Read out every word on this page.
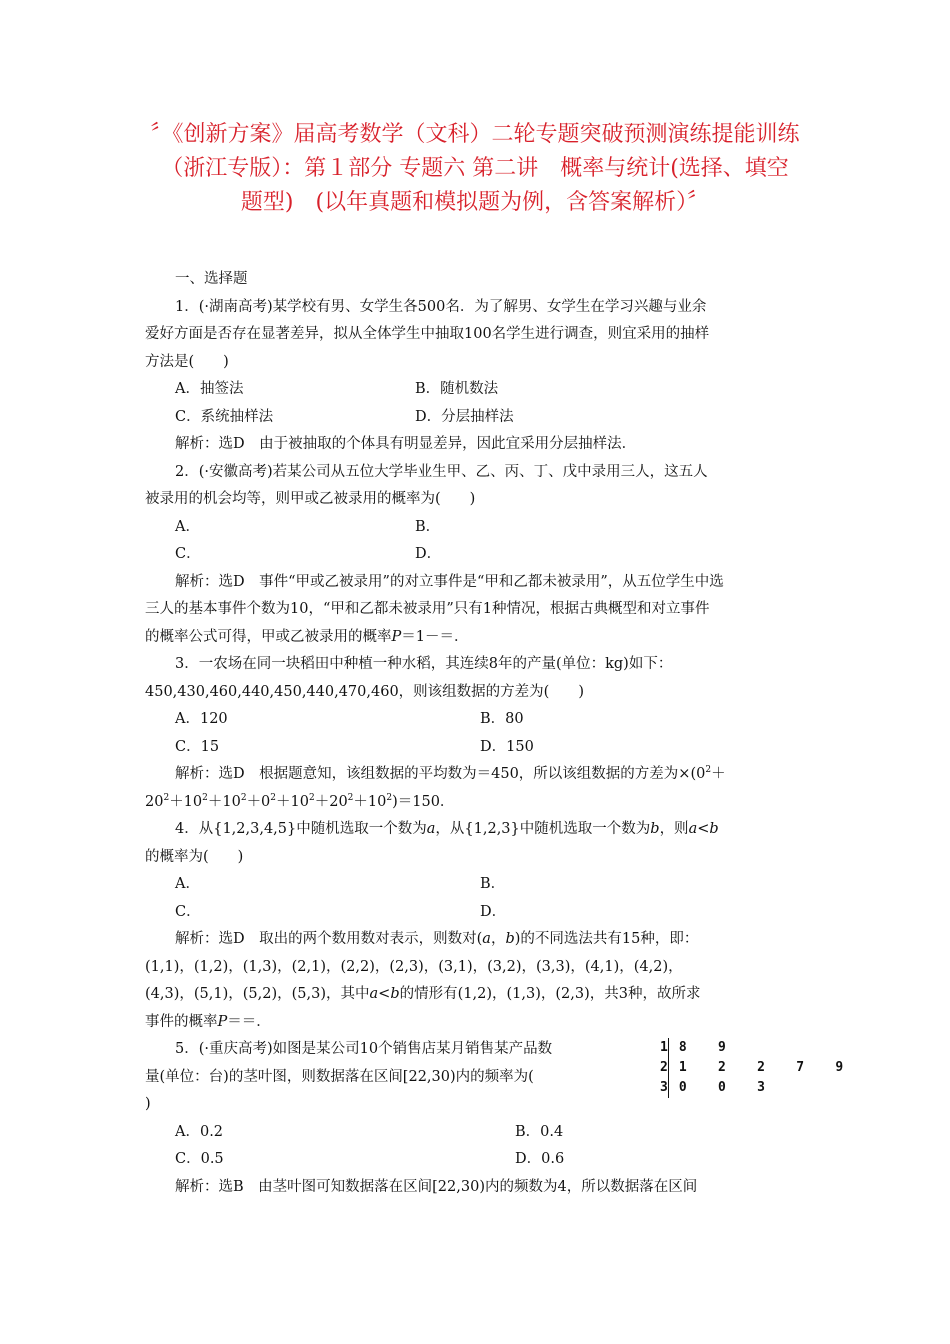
〞《创新方案》届高考数学（文科）二轮专题突破预测演练提能训练
（浙江专版）：第１部分 专题六 第二讲　概率与统计(选择、填空
题型)　(以年真题和模拟题为例，含答案解析）〞
一、选择题
1．(·湖南高考)某学校有男、女学生各500名．为了解男、女学生在学习兴趣与业余
爱好方面是否存在显著差异，拟从全体学生中抽取100名学生进行调查，则宜采用的抽样
方法是(　　)
A．抽签法	B．随机数法
C．系统抽样法	D．分层抽样法
解析：选D　由于被抽取的个体具有明显差异，因此宜采用分层抽样法．
2．(·安徽高考)若某公司从五位大学毕业生甲、乙、丙、丁、戊中录用三人，这五人
被录用的机会均等，则甲或乙被录用的概率为(　　)
A．	B．
C．	D．
解析：选D　事件“甲或乙被录用”的对立事件是“甲和乙都未被录用”，从五位学生中选
三人的基本事件个数为10，“甲和乙都未被录用”只有1种情况，根据古典概型和对立事件
的概率公式可得，甲或乙被录用的概率P＝1－＝．
3．一农场在同一块稻田中种植一种水稻，其连续8年的产量(单位：kg)如下：
450,430,460,440,450,440,470,460，则该组数据的方差为(　　)
A．120	B．80
C．15	D．150
解析：选D　根据题意知，该组数据的平均数为＝450，所以该组数据的方差为$\times(0^2+$
$20^2+10^2+10^2+0^2+10^2+20^2+10^2)=150$．
4．从{1,2,3,4,5}中随机选取一个数为a，从{1,2,3}中随机选取一个数为b，则a<b
的概率为(　　)
A．	B．
C．	D．
解析：选D　取出的两个数用数对表示，则数对(a，b)的不同选法共有15种，即：
(1,1)，(1,2)，(1,3)，(2,1)，(2,2)，(2,3)，(3,1)，(3,2)，(3,3)，(4,1)，(4,2)，
(4,3)，(5,1)，(5,2)，(5,3)，其中a<b的情形有(1,2)，(1,3)，(2,3)，共3种，故所求
事件的概率P＝＝．
5．(·重庆高考)如图是某公司10个销售店某月销售某产品数
量(单位：台)的茎叶图，则数据落在区间[22,30)内的频率为(
)
1	8    9
2	1    2    2    7    9
3	0    0    3
A．0.2	B．0.4
C．0.5	D．0.6
解析：选B　由茎叶图可知数据落在区间[22,30)内的频数为4，所以数据落在区间
